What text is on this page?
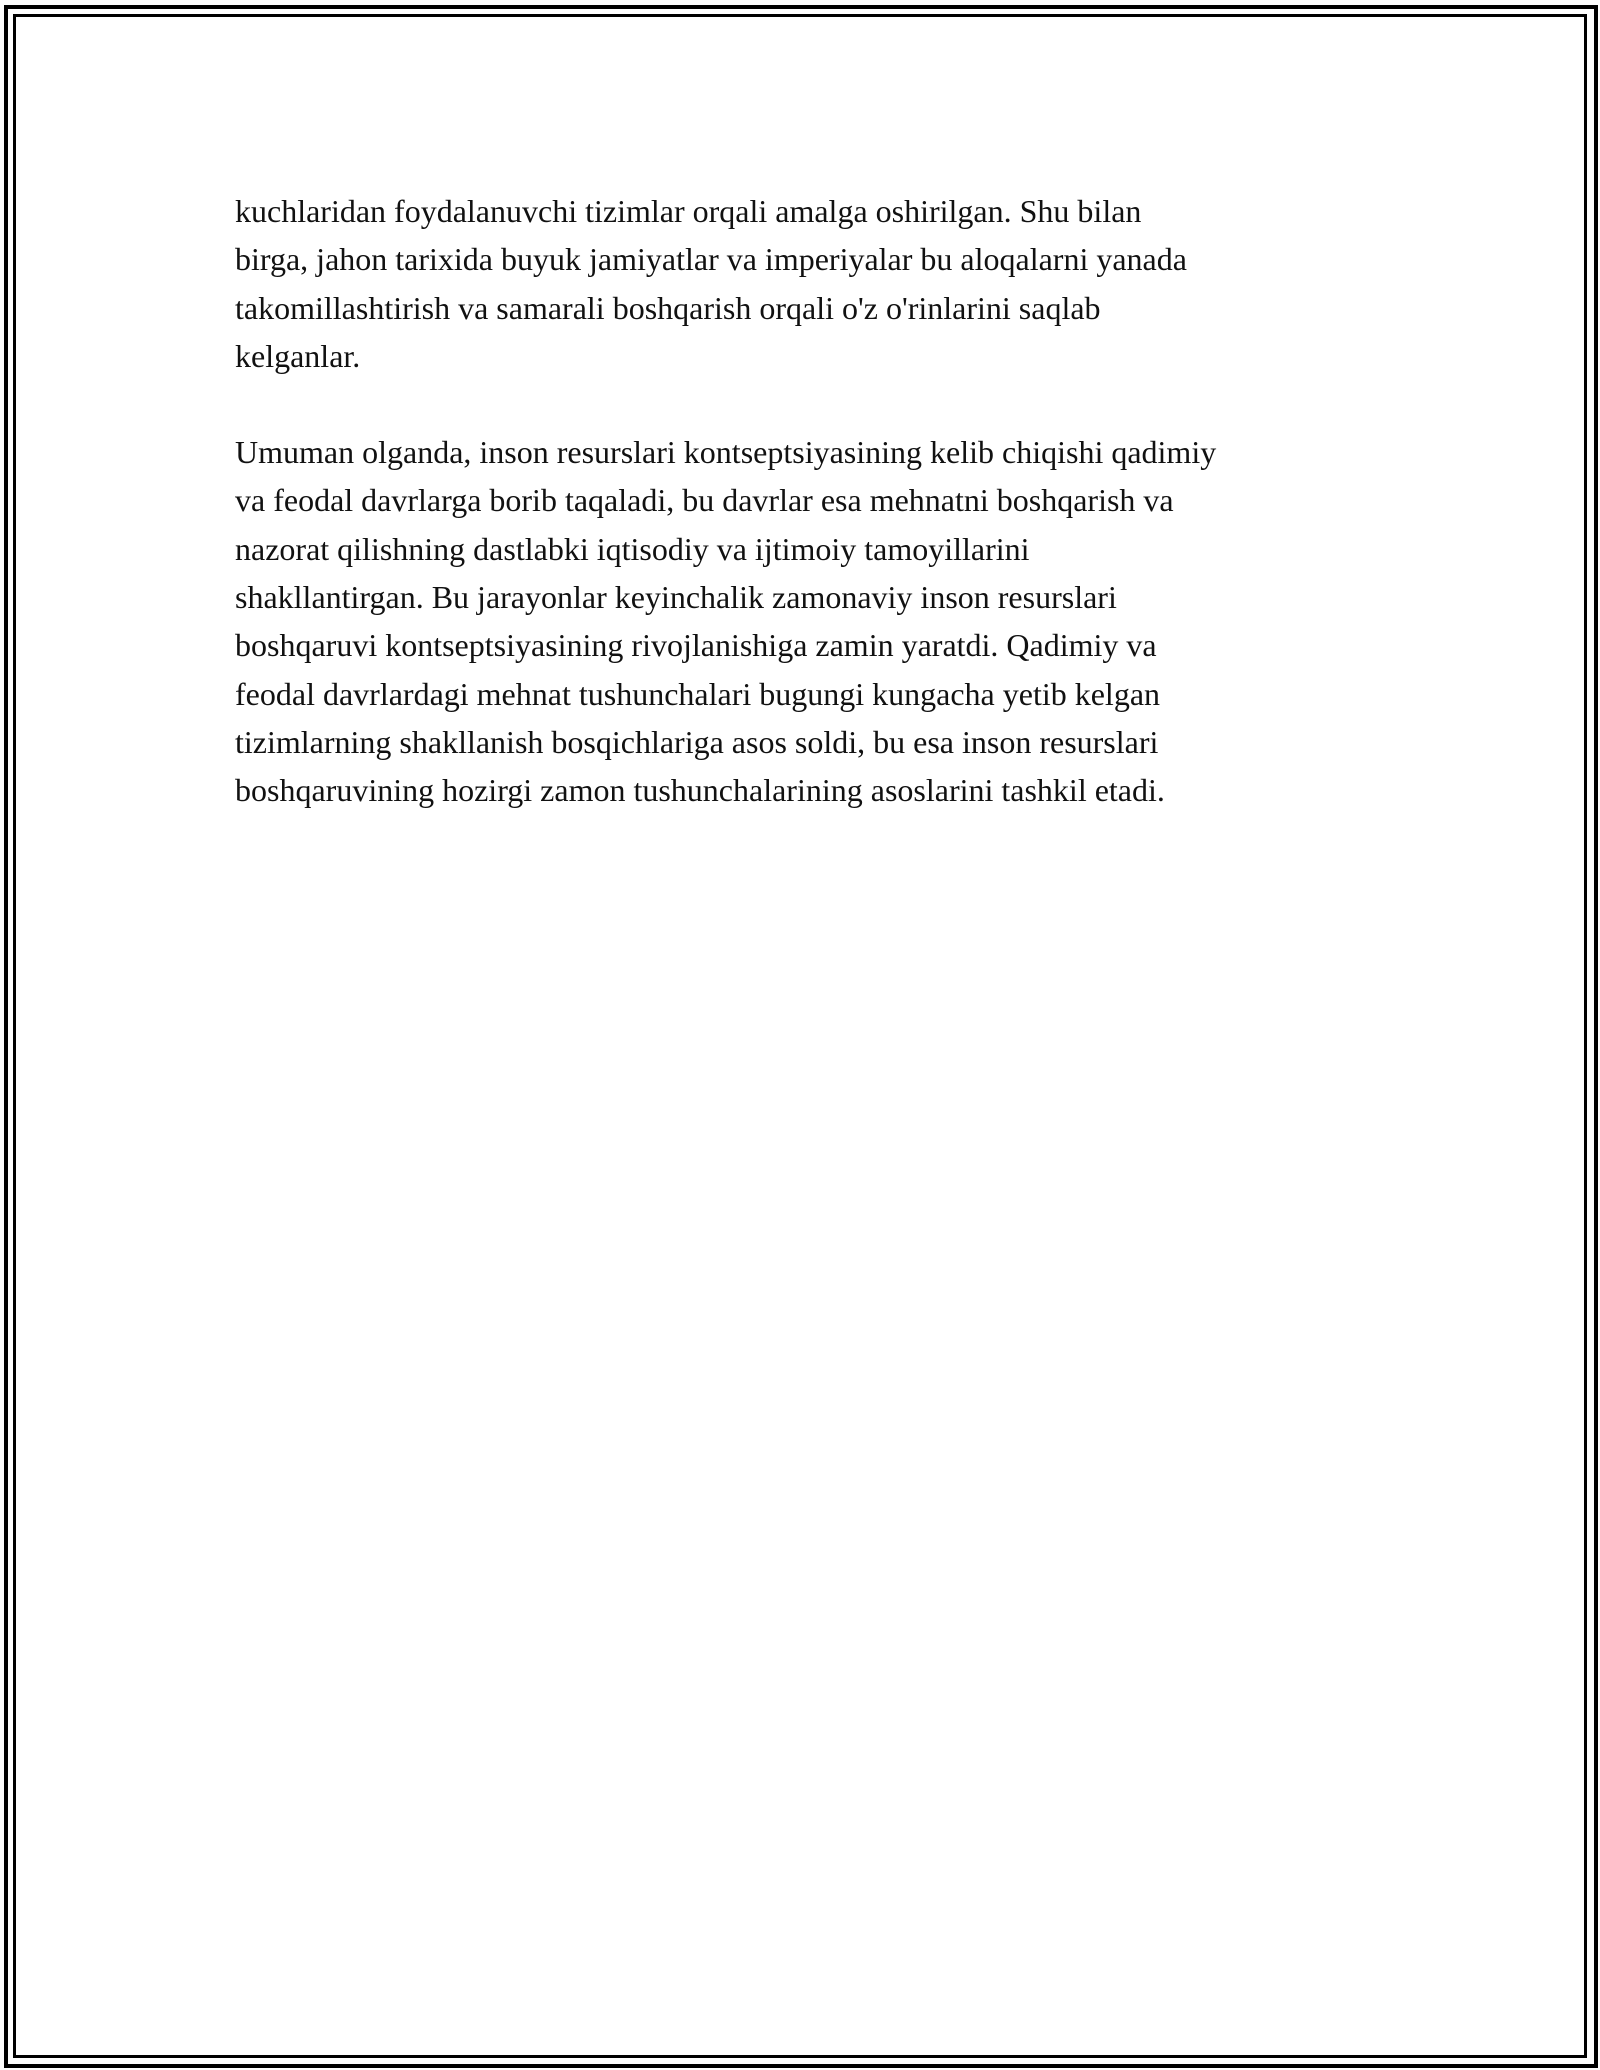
kuchlaridan foydalanuvchi tizimlar orqali amalga oshirilgan. Shu bilan
birga, jahon tarixida buyuk jamiyatlar va imperiyalar bu aloqalarni yanada
takomillashtirish va samarali boshqarish orqali o'z o'rinlarini saqlab
kelganlar.

Umuman olganda, inson resurslari kontseptsiyasining kelib chiqishi qadimiy
va feodal davrlarga borib taqaladi, bu davrlar esa mehnatni boshqarish va
nazorat qilishning dastlabki iqtisodiy va ijtimoiy tamoyillarini
shakllantirgan. Bu jarayonlar keyinchalik zamonaviy inson resurslari
boshqaruvi kontseptsiyasining rivojlanishiga zamin yaratdi. Qadimiy va
feodal davrlardagi mehnat tushunchalari bugungi kungacha yetib kelgan
tizimlarning shakllanish bosqichlariga asos soldi, bu esa inson resurslari
boshqaruvining hozirgi zamon tushunchalarining asoslarini tashkil etadi.
